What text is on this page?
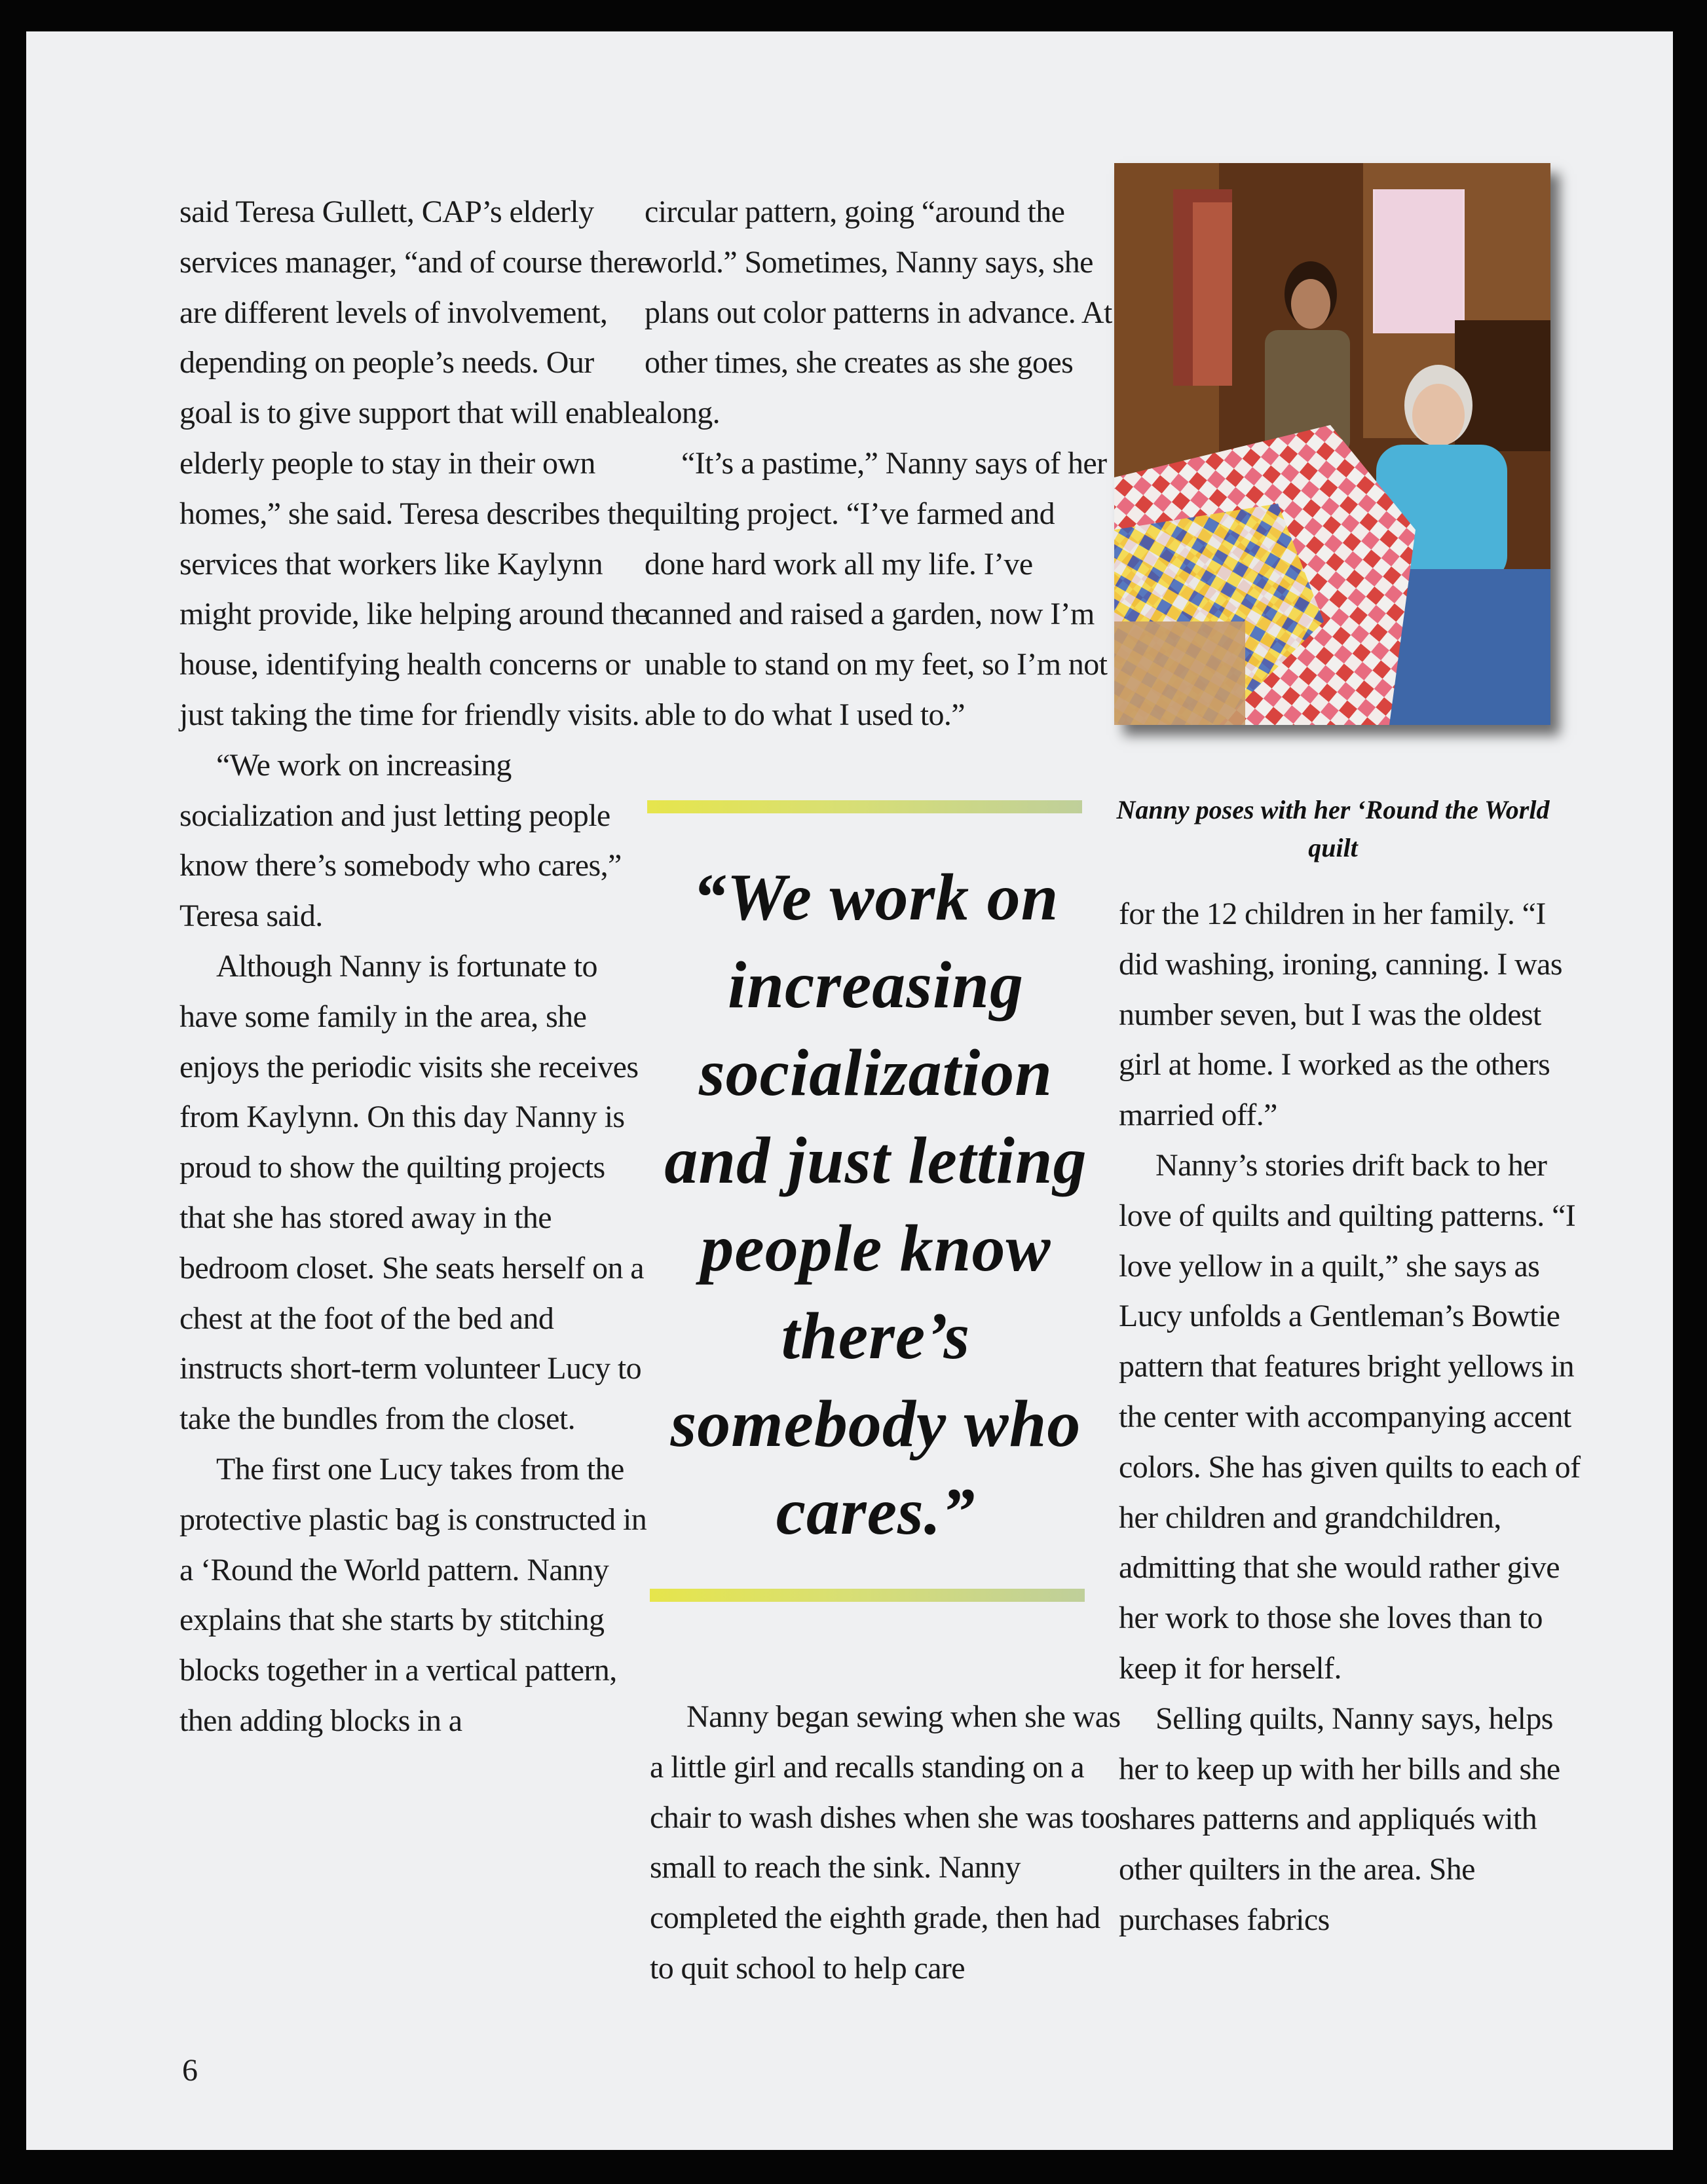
said Teresa Gullett, CAP’s elderly services manager, “and of course there are different levels of involvement, depending on people’s needs. Our goal is to give support that will enable elderly people to stay in their own homes,” she said. Teresa describes the services that workers like Kaylynn might provide, like helping around the house, identifying health concerns or just taking the time for friendly visits.

“We work on increasing socialization and just letting people know there’s somebody who cares,” Teresa said.

Although Nanny is fortunate to have some family in the area, she enjoys the periodic visits she receives from Kaylynn. On this day Nanny is proud to show the quilting projects that she has stored away in the bedroom closet. She seats herself on a chest at the foot of the bed and instructs short-term volunteer Lucy to take the bundles from the closet.

The first one Lucy takes from the protective plastic bag is constructed in a ‘Round the World pattern. Nanny explains that she starts by stitching blocks together in a vertical pattern, then adding blocks in a

circular pattern, going “around the world.” Sometimes, Nanny says, she plans out color patterns in advance. At other times, she creates as she goes along.

“It’s a pastime,” Nanny says of her quilting project. “I’ve farmed and done hard work all my life. I’ve canned and raised a garden, now I’m unable to stand on my feet, so I’m not able to do what I used to.”

Nanny poses with her ‘Round the World quilt
“We work on increasing socialization and just letting people know there’s somebody who cares.”

Nanny began sewing when she was a little girl and recalls standing on a chair to wash dishes when she was too small to reach the sink. Nanny completed the eighth grade, then had to quit school to help care

for the 12 children in her family. “I did washing, ironing, canning. I was number seven, but I was the oldest girl at home. I worked as the others married off.”

Nanny’s stories drift back to her love of quilts and quilting patterns. “I love yellow in a quilt,” she says as Lucy unfolds a Gentleman’s Bowtie pattern that features bright yellows in the center with accompanying accent colors. She has given quilts to each of her children and grandchildren, admitting that she would rather give her work to those she loves than to keep it for herself.

Selling quilts, Nanny says, helps her to keep up with her bills and she shares patterns and appliqués with other quilters in the area. She purchases fabrics

6
